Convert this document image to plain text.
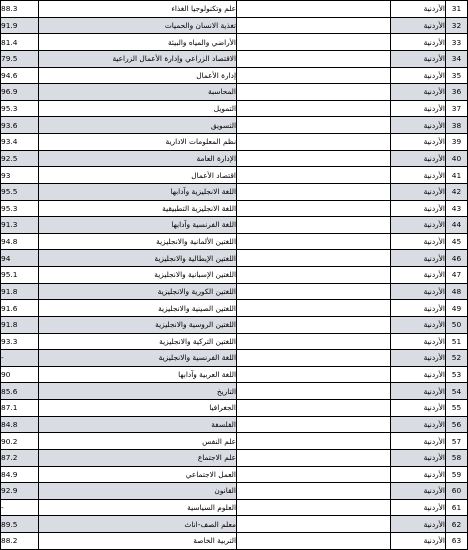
88.3	علم وتكنولوجيا الغذاء		الأردنية	31
91.9	تغذية الانسان والحميات		الأردنية	32
81.4	الأراضي والمياه والبيئة		الأردنية	33
79.5	الاقتصاد الزراعي وإدارة الأعمال الزراعية		الأردنية	34
94.6	إدارة الأعمال		الأردنية	35
96.9	المحاسبة		الأردنية	36
95.3	التمويل		الأردنية	37
93.6	التسويق		الأردنية	38
93.4	نظم المعلومات الادارية		الأردنية	39
92.5	الإدارة العامة		الأردنية	40
93	اقتصاد الأعمال		الأردنية	41
95.5	اللغة الانجليزية وآدابها		الأردنية	42
95.3	اللغة الانجليزية التطبيقية		الأردنية	43
91.3	اللغة الفرنسية وآدابها		الأردنية	44
94.8	اللغتين الألمانية والانجليزية		الأردنية	45
94	اللغتين الإيطالية والانجليزية		الأردنية	46
95.1	اللغتين الإسبانية والانجليزية		الأردنية	47
91.8	اللغتين الكورية والانجليزية		الأردنية	48
91.6	اللغتين الصينية والانجليزية		الأردنية	49
91.8	اللغتين الروسية والانجليزية		الأردنية	50
93.3	اللغتين التركية والانجليزية		الأردنية	51
-	اللغة الفرنسية والانجليزية		الأردنية	52
90	اللغة العربية وآدابها		الأردنية	53
85.6	التاريخ		الأردنية	54
87.1	الجغرافيا		الأردنية	55
84.8	الفلسفة		الأردنية	56
90.2	علم النفس		الأردنية	57
87.2	علم الاجتماع		الأردنية	58
84.9	العمل الاجتماعي		الأردنية	59
92.9	القانون		الأردنية	60
-	العلوم السياسية		الأردنية	61
89.5	معلم الصف-اناث		الأردنية	62
88.2	التربية الخاصة		الأردنية	63
